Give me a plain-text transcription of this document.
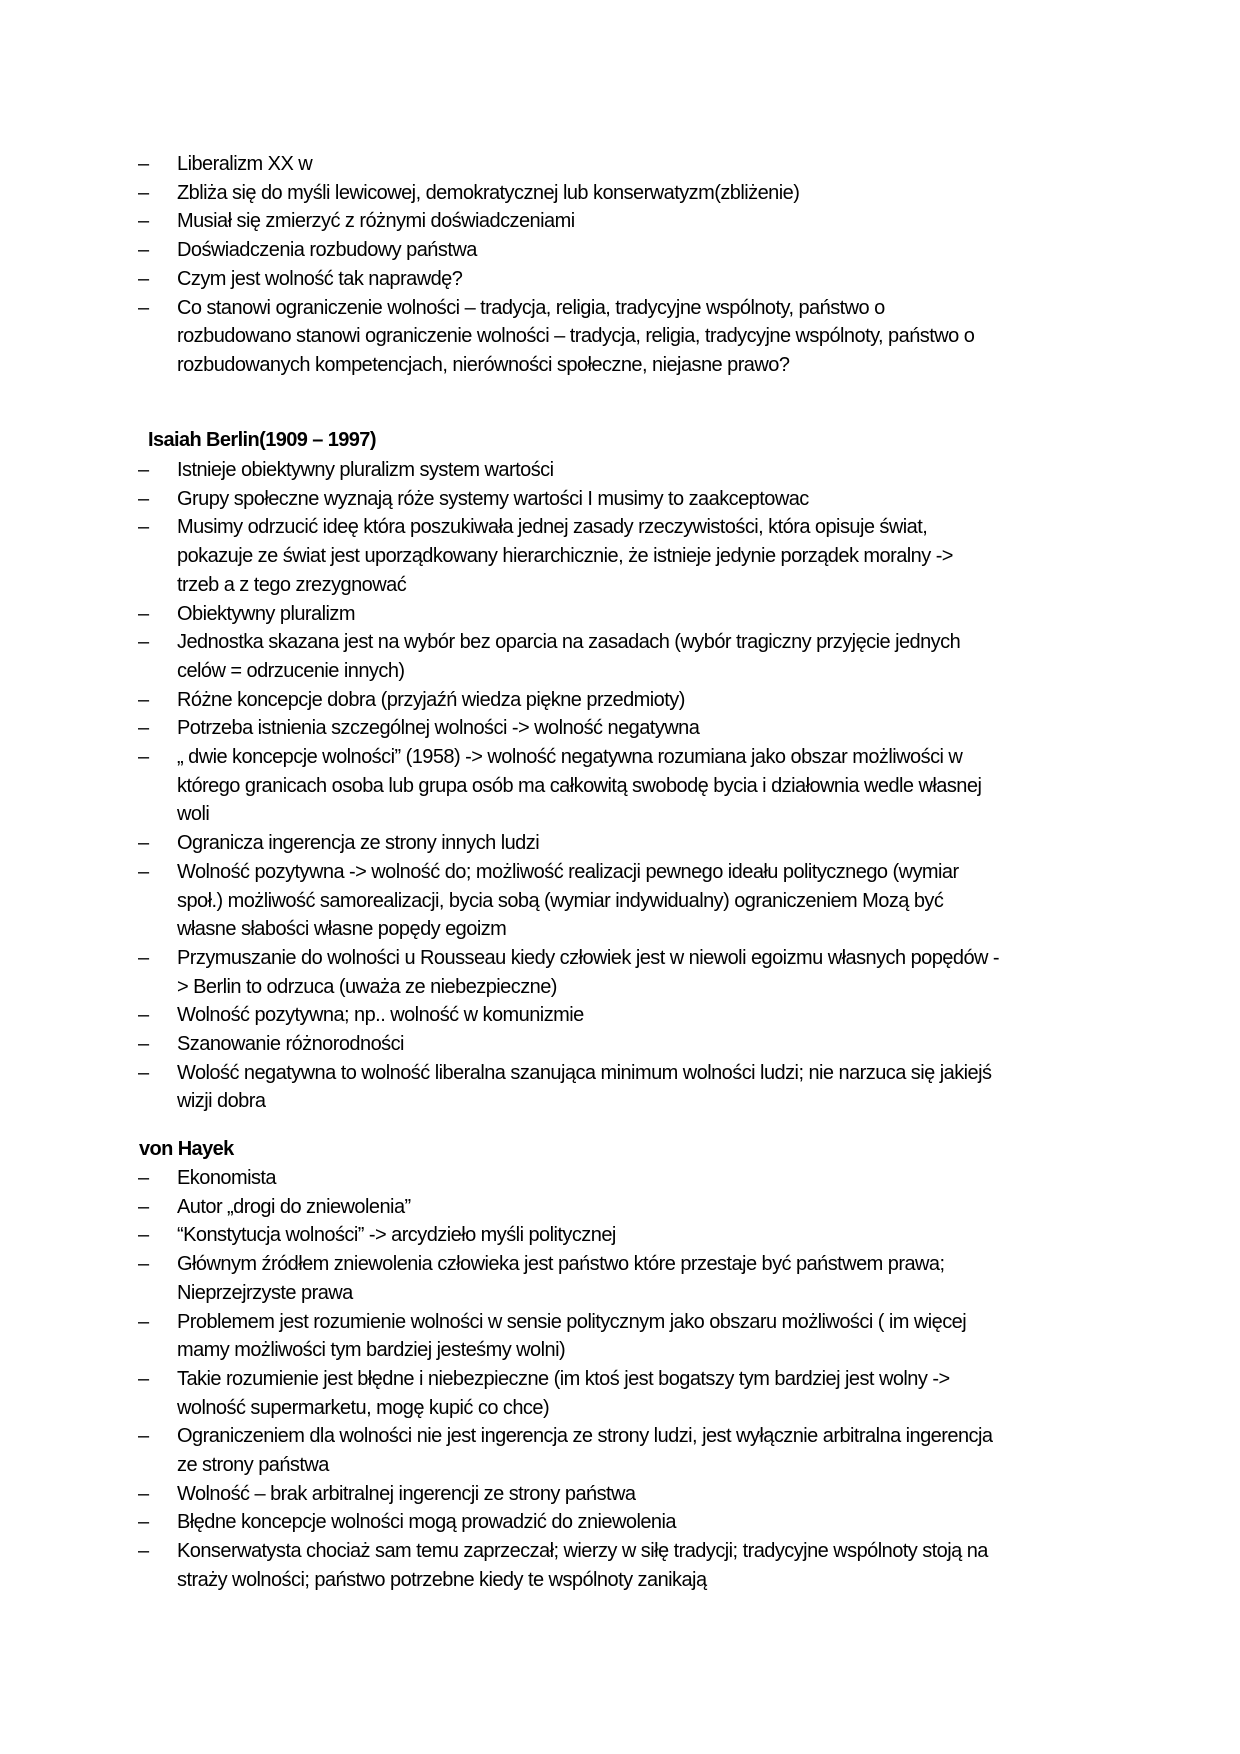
– Liberalizm XX w
– Zbliża się do myśli lewicowej, demokratycznej lub konserwatyzm(zbliżenie)
– Musiał się zmierzyć z różnymi doświadczeniami
– Doświadczenia rozbudowy państwa
– Czym jest wolność tak naprawdę?
– Co stanowi ograniczenie wolności – tradycja, religia, tradycyjne wspólnoty, państwo o
rozbudowano stanowi ograniczenie wolności – tradycja, religia, tradycyjne wspólnoty, państwo o
rozbudowanych kompetencjach, nierówności społeczne, niejasne prawo?
Isaiah Berlin(1909 – 1997)
– Istnieje obiektywny pluralizm system wartości
– Grupy społeczne wyznają róże systemy wartości I musimy to zaakceptowac
– Musimy odrzucić ideę która poszukiwała jednej zasady rzeczywistości, która opisuje świat,
pokazuje ze świat jest uporządkowany hierarchicznie, że istnieje jedynie porządek moralny ->
trzeb a z tego zrezygnować
– Obiektywny pluralizm
– Jednostka skazana jest na wybór bez oparcia na zasadach (wybór tragiczny przyjęcie jednych
celów = odrzucenie innych)
– Różne koncepcje dobra (przyjaźń wiedza piękne przedmioty)
– Potrzeba istnienia szczególnej wolności -> wolność negatywna
– „ dwie koncepcje wolności” (1958) -> wolność negatywna rozumiana jako obszar możliwości w
którego granicach osoba lub grupa osób ma całkowitą swobodę bycia i działownia wedle własnej
woli
– Ogranicza ingerencja ze strony innych ludzi
– Wolność pozytywna -> wolność do; możliwość realizacji pewnego ideału politycznego (wymiar
społ.) możliwość samorealizacji, bycia sobą (wymiar indywidualny) ograniczeniem Mozą być
własne słabości własne popędy egoizm
– Przymuszanie do wolności u Rousseau kiedy człowiek jest w niewoli egoizmu własnych popędów -
> Berlin to odrzuca (uważa ze niebezpieczne)
– Wolność pozytywna; np.. wolność w komunizmie
– Szanowanie różnorodności
– Wolość negatywna to wolność liberalna szanująca minimum wolności ludzi; nie narzuca się jakiejś
wizji dobra
von Hayek
– Ekonomista
– Autor „drogi do zniewolenia”
– “Konstytucja wolności” -> arcydzieło myśli politycznej
– Głównym źródłem zniewolenia człowieka jest państwo które przestaje być państwem prawa;
Nieprzejrzyste prawa
– Problemem jest rozumienie wolności w sensie politycznym jako obszaru możliwości ( im więcej
mamy możliwości tym bardziej jesteśmy wolni)
– Takie rozumienie jest błędne i niebezpieczne (im ktoś jest bogatszy tym bardziej jest wolny ->
wolność supermarketu, mogę kupić co chce)
– Ograniczeniem dla wolności nie jest ingerencja ze strony ludzi, jest wyłącznie arbitralna ingerencja
ze strony państwa
– Wolność – brak arbitralnej ingerencji ze strony państwa
– Błędne koncepcje wolności mogą prowadzić do zniewolenia
– Konserwatysta chociaż sam temu zaprzeczał; wierzy w siłę tradycji; tradycyjne wspólnoty stoją na
straży wolności; państwo potrzebne kiedy te wspólnoty zanikają
